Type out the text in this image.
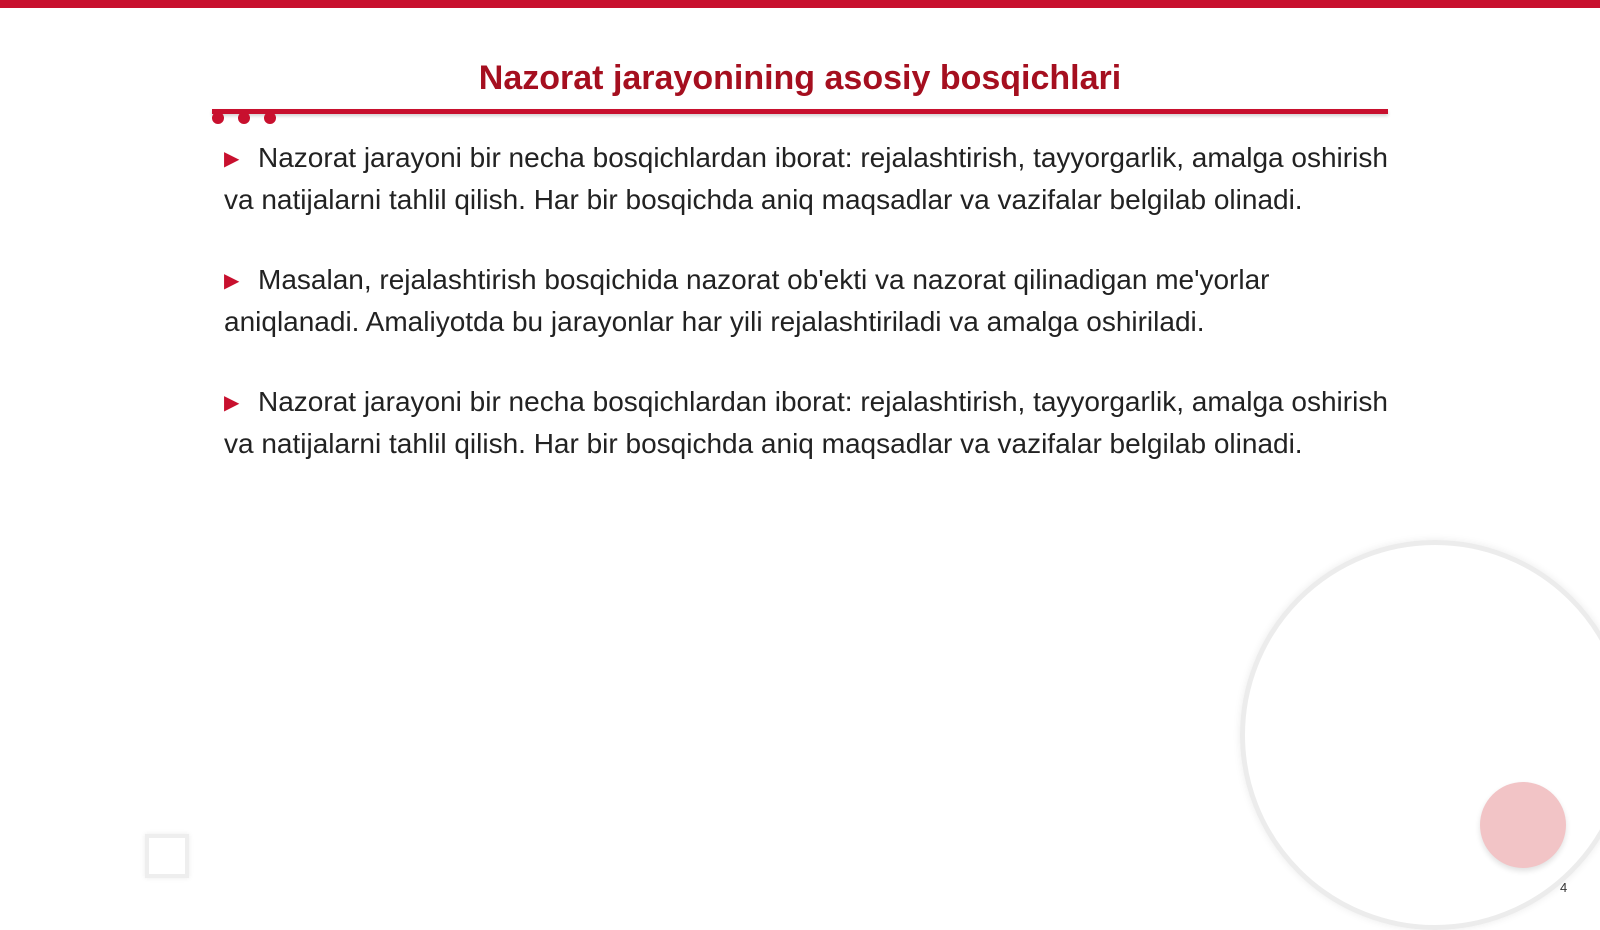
Nazorat jarayonining asosiy bosqichlari

▶ Nazorat jarayoni bir necha bosqichlardan iborat: rejalashtirish, tayyorgarlik, amalga oshirish va natijalarni tahlil qilish. Har bir bosqichda aniq maqsadlar va vazifalar belgilab olinadi.

▶ Masalan, rejalashtirish bosqichida nazorat ob'ekti va nazorat qilinadigan me'yorlar aniqlanadi. Amaliyotda bu jarayonlar har yili rejalashtiriladi va amalga oshiriladi.

▶ Nazorat jarayoni bir necha bosqichlardan iborat: rejalashtirish, tayyorgarlik, amalga oshirish va natijalarni tahlil qilish. Har bir bosqichda aniq maqsadlar va vazifalar belgilab olinadi.

4
